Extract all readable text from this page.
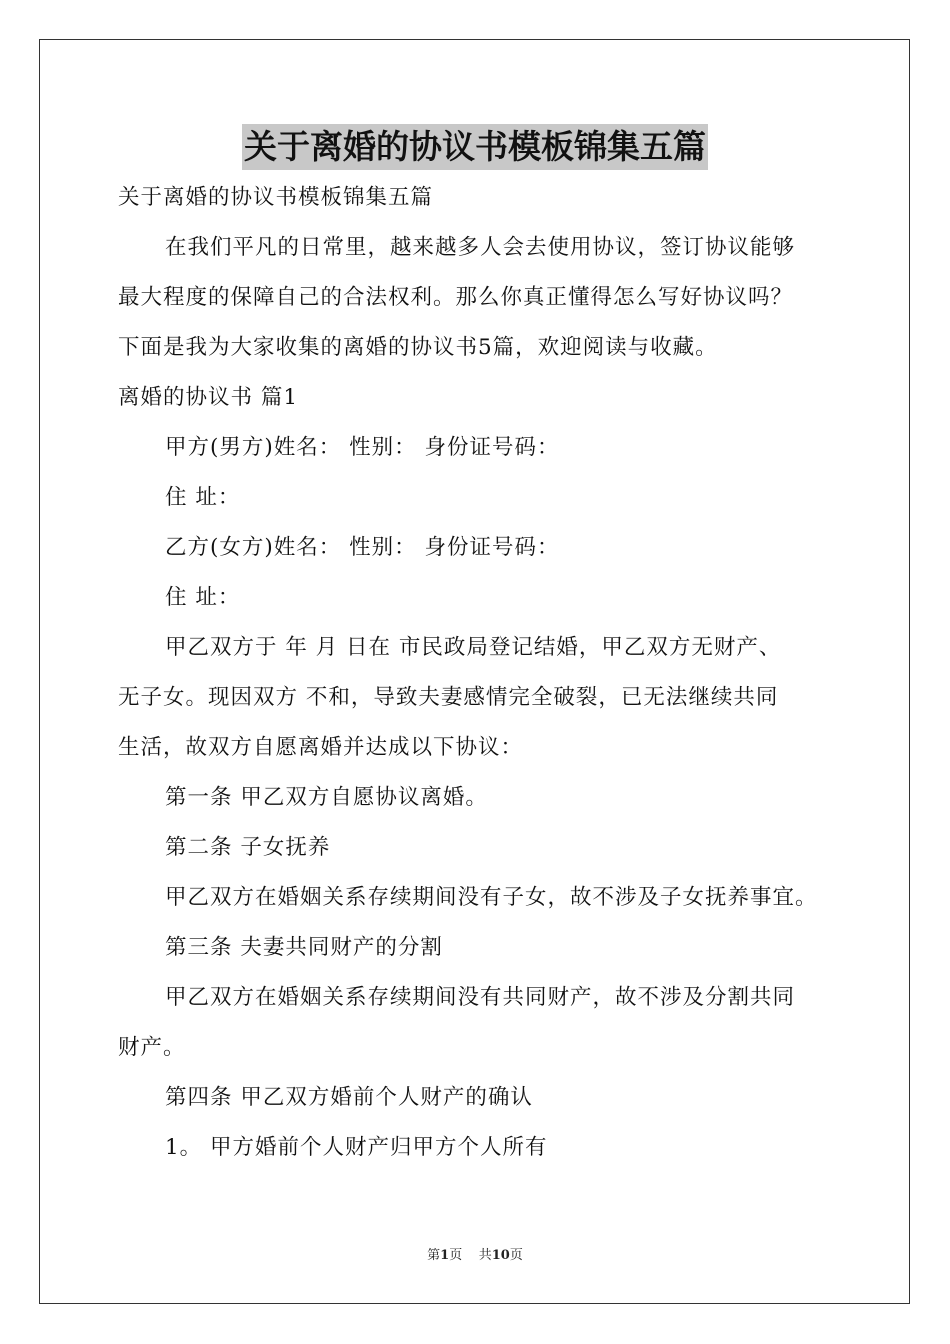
关于离婚的协议书模板锦集五篇
关于离婚的协议书模板锦集五篇
在我们平凡的日常里，越来越多人会去使用协议，签订协议能够
最大程度的保障自己的合法权利。那么你真正懂得怎么写好协议吗？
下面是我为大家收集的离婚的协议书5篇，欢迎阅读与收藏。
离婚的协议书 篇1
甲方(男方)姓名： 性别： 身份证号码：
住 址：
乙方(女方)姓名： 性别： 身份证号码：
住 址：
甲乙双方于 年 月 日在 市民政局登记结婚，甲乙双方无财产、
无子女。现因双方 不和，导致夫妻感情完全破裂，已无法继续共同
生活，故双方自愿离婚并达成以下协议：
第一条 甲乙双方自愿协议离婚。
第二条 子女抚养
甲乙双方在婚姻关系存续期间没有子女，故不涉及子女抚养事宜。
第三条 夫妻共同财产的分割
甲乙双方在婚姻关系存续期间没有共同财产，故不涉及分割共同
财产。
第四条 甲乙双方婚前个人财产的确认
1。 甲方婚前个人财产归甲方个人所有
第1页    共10页
